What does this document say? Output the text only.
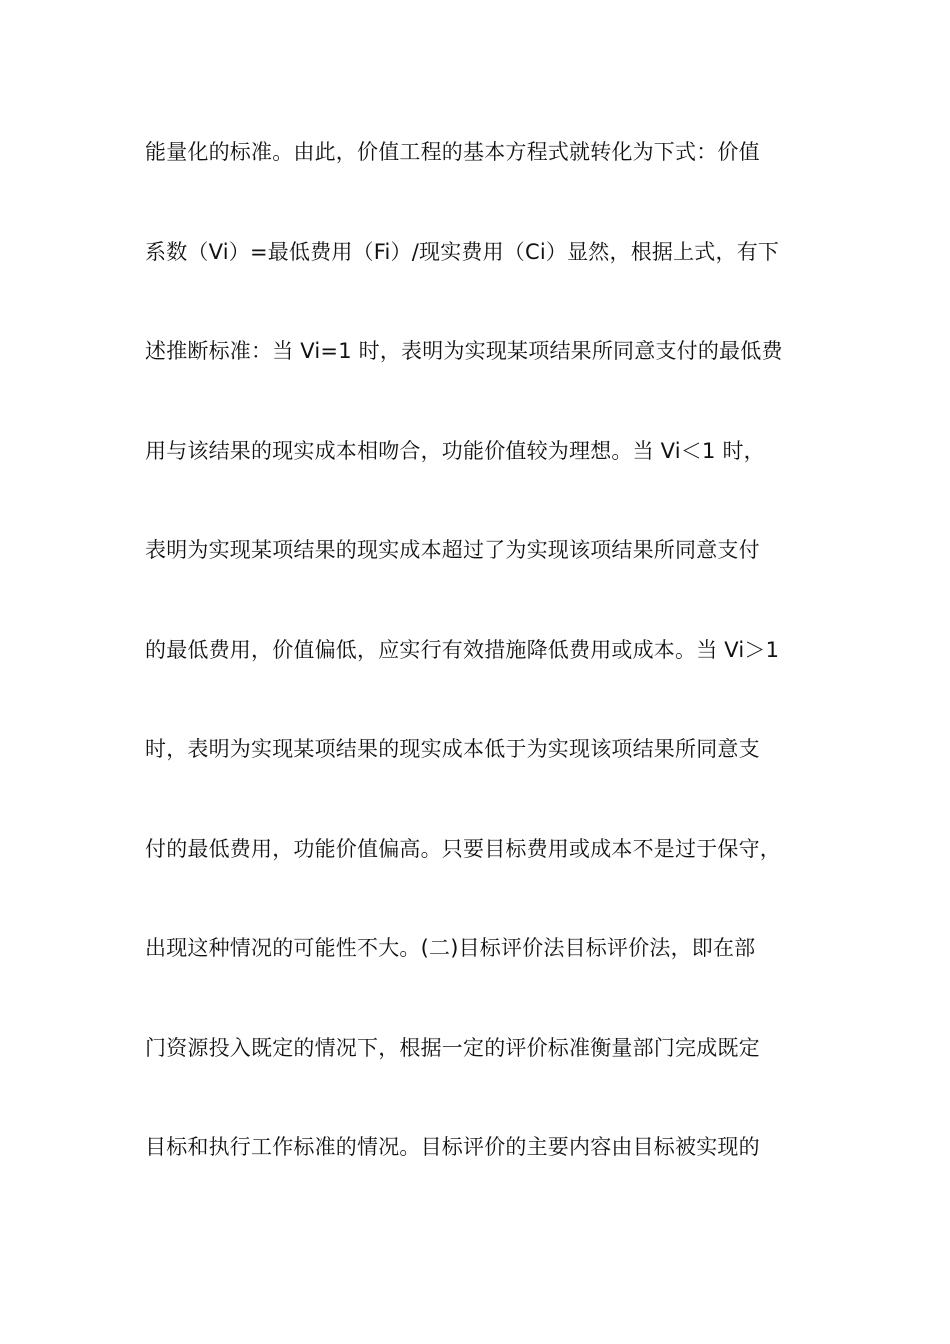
能量化的标准。由此，价值工程的基本方程式就转化为下式：价值
系数（Vi）=最低费用（Fi）/现实费用（Ci）显然，根据上式，有下
述推断标准：当 Vi=1 时，表明为实现某项结果所同意支付的最低费
用与该结果的现实成本相吻合，功能价值较为理想。当 Vi＜1 时，
表明为实现某项结果的现实成本超过了为实现该项结果所同意支付
的最低费用，价值偏低，应实行有效措施降低费用或成本。当 Vi＞1
时，表明为实现某项结果的现实成本低于为实现该项结果所同意支
付的最低费用，功能价值偏高。只要目标费用或成本不是过于保守，
出现这种情况的可能性不大。(二)目标评价法目标评价法，即在部
门资源投入既定的情况下，根据一定的评价标准衡量部门完成既定
目标和执行工作标准的情况。目标评价的主要内容由目标被实现的
